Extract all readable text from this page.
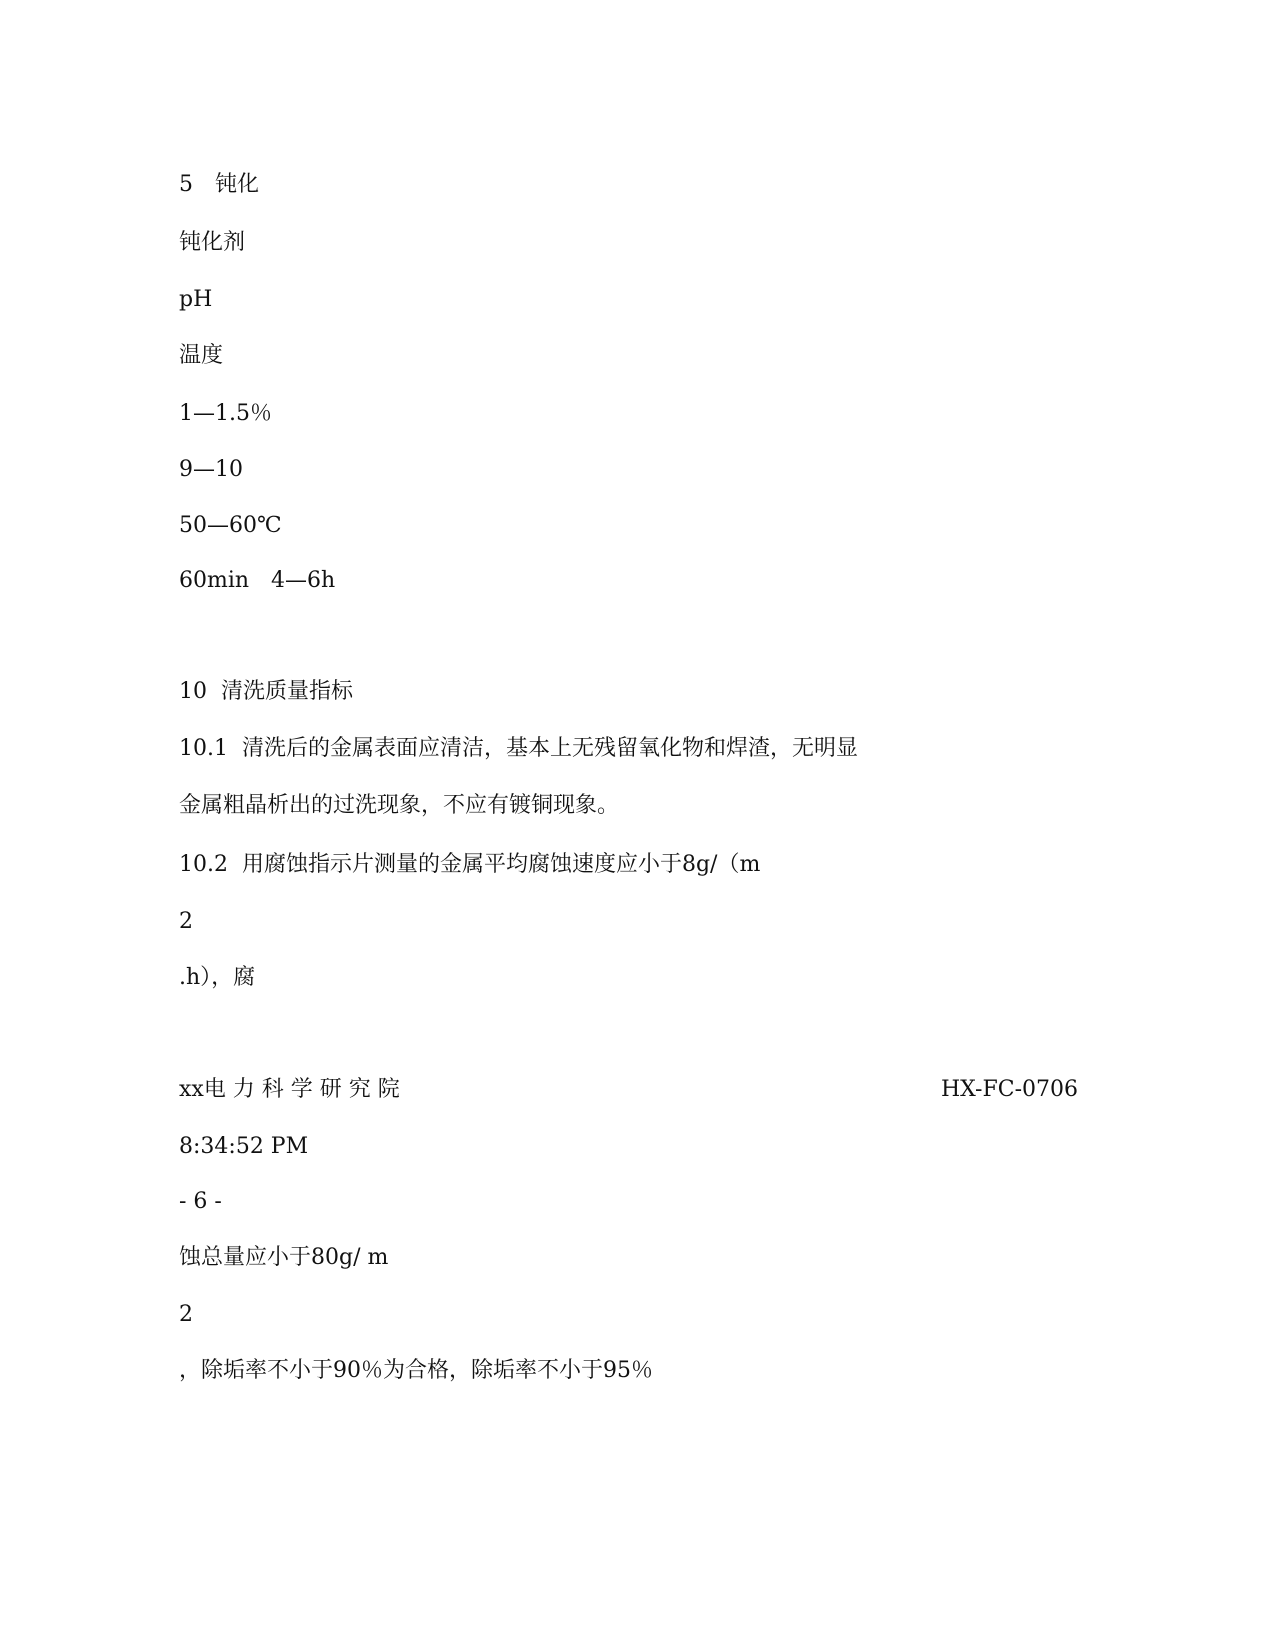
5　钝化
钝化剂
pH
温度
1—1.5％
9—10
50—60℃
60min　4—6h
10  清洗质量指标
10.1  清洗后的金属表面应清洁，基本上无残留氧化物和焊渣，无明显
金属粗晶析出的过洗现象，不应有镀铜现象。
10.2  用腐蚀指示片测量的金属平均腐蚀速度应小于8g/（m
2
.h），腐
xx电 力 科 学 研 究 院	HX-FC-0706
8:34:52 PM
- 6 -
蚀总量应小于80g/ m
2
，除垢率不小于90％为合格，除垢率不小于95％
